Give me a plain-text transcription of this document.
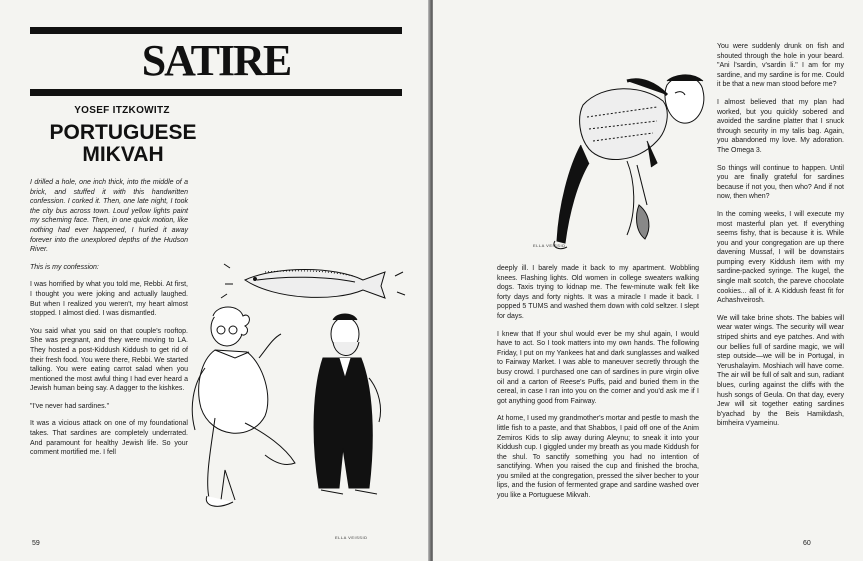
SATIRE
YOSEF ITZKOWITZ
PORTUGUESE
MIKVAH

I drilled a hole, one inch thick, into the middle of a brick, and stuffed it with this handwritten confession. I corked it. Then, one late night, I took the city bus across town. Loud yellow lights paint my scheming face. Then, in one quick motion, like nothing had ever happened, I hurled it away forever into the unexplored depths of the Hudson River.

This is my confession:

I was horrified by what you told me, Rebbi. At first, I thought you were joking and actually laughed. But when I realized you weren't, my heart almost stopped. I almost died. I was dismantled.

You said what you said on that couple's rooftop. She was pregnant, and they were moving to LA. They hosted a post-Kiddush Kiddush to get rid of their fresh food. You were there, Rebbi. We started talking. You were eating carrot salad when you mentioned the most awful thing I had ever heard a Jewish human being say. A dagger to the kishkes.

"I've never had sardines."

It was a vicious attack on one of my foundational takes. That sardines are completely underrated. And paramount for healthy Jewish life. So your comment mortified me. I fell

ELLA VEISSID
59
ELLA VEISSID
60

deeply ill. I barely made it back to my apartment. Wobbling knees. Flashing lights. Old women in college sweaters walking dogs. Taxis trying to kidnap me. The few-minute walk felt like forty days and forty nights. It was a miracle I made it back. I popped 5 TUMS and washed them down with cold seltzer. I slept for days.

I knew that If your shul would ever be my shul again, I would have to act. So I took matters into my own hands. The following Friday, I put on my Yankees hat and dark sunglasses and walked to Fairway Market. I was able to maneuver secretly through the busy crowd. I purchased one can of sardines in pure virgin olive oil and a carton of Reese's Puffs, paid and buried them in the cereal, in case I ran into you on the corner and you'd ask me if I got anything good from Fairway.

At home, I used my grandmother's mortar and pestle to mash the little fish to a paste, and that Shabbos, I paid off one of the Anim Zemiros Kids to slip away during Aleynu; to sneak it into your Kiddush cup. I giggled under my breath as you made Kiddush for the shul. To sanctify something you had no intention of sanctifying. When you raised the cup and finished the brocha, you smiled at the congregation, pressed the silver becher to your lips, and the fusion of fermented grape and sardine washed over you like a Portuguese Mikvah.

You were suddenly drunk on fish and shouted through the hole in your beard. "Ani l'sardin, v'sardin li." I am for my sardine, and my sardine is for me. Could it be that a new man stood before me?

I almost believed that my plan had worked, but you quickly sobered and avoided the sardine platter that I snuck through security in my talis bag. Again, you abandoned my love. My adoration. The Omega 3.

So things will continue to happen. Until you are finally grateful for sardines because if not you, then who? And if not now, then when?

In the coming weeks, I will execute my most masterful plan yet. If everything seems fishy, that is because it is. While you and your congregation are up there davening Mussaf, I will be downstairs pumping every Kiddush item with my sardine-packed syringe. The kugel, the single malt scotch, the pareve chocolate cookies... all of it. A Kiddush feast fit for Achashveirosh.

We will take brine shots. The babies will wear water wings. The security will wear striped shirts and eye patches. And with our bellies full of sardine magic, we will step outside—we will be in Portugal, in Yerushalayim. Moshiach will have come. The air will be full of salt and sun, radiant blues, curling against the cliffs with the hush songs of Geula. On that day, every Jew will sit together eating sardines b'yachad by the Beis Hamikdash, bimheira v'yameinu.
